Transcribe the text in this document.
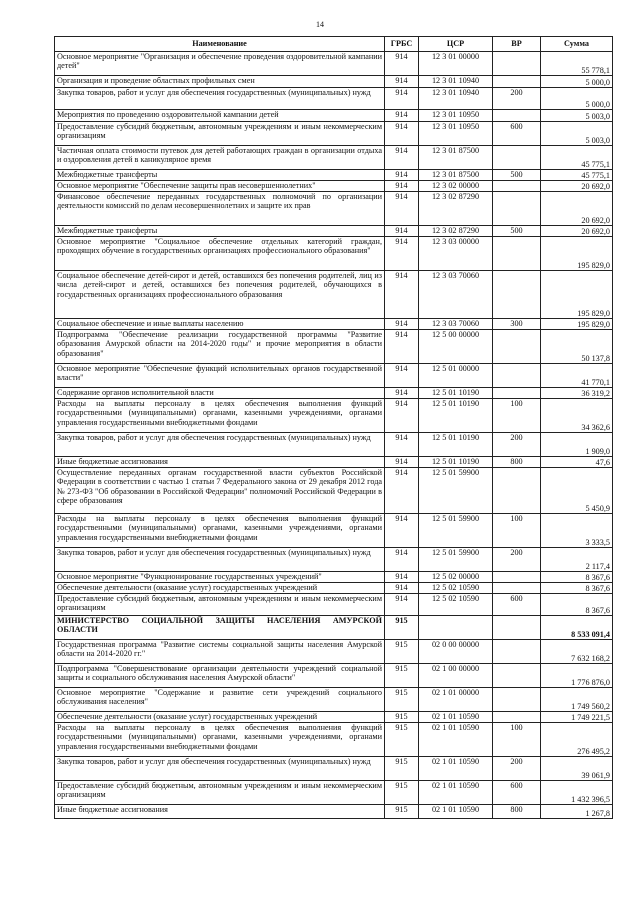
14
Наименование	ГРБС	ЦСР	ВР	Сумма
Основное мероприятие "Организация и обеспечение проведения оздоровительной кампании детей"	914	12 3 01 00000		55 778,1
Организация и проведение областных профильных смен	914	12 3 01 10940		5 000,0
Закупка товаров, работ и услуг для обеспечения государственных (муниципальных) нужд	914	12 3 01 10940	200	5 000,0
Мероприятия по проведению оздоровительной кампании детей	914	12 3 01 10950		5 003,0
Предоставление субсидий бюджетным, автономным учреждениям и иным некоммерческим организациям	914	12 3 01 10950	600	5 003,0
Частичная оплата стоимости путевок для детей работающих граждан в организации отдыха и оздоровления детей в каникулярное время	914	12 3 01 87500		45 775,1
Межбюджетные трансферты	914	12 3 01 87500	500	45 775,1
Основное мероприятие "Обеспечение защиты прав несовершеннолетних"	914	12 3 02 00000		20 692,0
Финансовое обеспечение переданных государственных полномочий по организации деятельности комиссий по делам несовершеннолетних и защите их прав	914	12 3 02 87290		20 692,0
Межбюджетные трансферты	914	12 3 02 87290	500	20 692,0
Основное мероприятие "Социальное обеспечение отдельных категорий граждан, проходящих обучение в государственных организациях профессионального образования"	914	12 3 03 00000		195 829,0
Социальное обеспечение детей-сирот и детей, оставшихся без попечения родителей, лиц из числа детей-сирот и детей, оставшихся без попечения родителей, обучающихся в государственных организациях профессионального образования	914	12 3 03 70060		195 829,0
Социальное обеспечение и иные выплаты населению	914	12 3 03 70060	300	195 829,0
Подпрограмма "Обеспечение реализации государственной программы "Развитие образования Амурской области на 2014-2020 годы" и прочие мероприятия в области образования"	914	12 5 00 00000		50 137,8
Основное мероприятие "Обеспечение функций исполнительных органов государственной власти"	914	12 5 01 00000		41 770,1
Содержание органов исполнительной власти	914	12 5 01 10190		36 319,2
Расходы на выплаты персоналу в целях обеспечения выполнения функций государственными (муниципальными) органами, казенными учреждениями, органами управления государственными внебюджетными фондами	914	12 5 01 10190	100	34 362,6
Закупка товаров, работ и услуг для обеспечения государственных (муниципальных) нужд	914	12 5 01 10190	200	1 909,0
Иные бюджетные ассигнования	914	12 5 01 10190	800	47,6
Осуществление переданных органам государственной власти субъектов Российской Федерации в соответствии с частью 1 статьи 7 Федерального закона от 29 декабря 2012 года № 273-ФЗ "Об образовании в Российской Федерации" полномочий Российской Федерации в сфере образования	914	12 5 01 59900		5 450,9
Расходы на выплаты персоналу в целях обеспечения выполнения функций государственными (муниципальными) органами, казенными учреждениями, органами управления государственными внебюджетными фондами	914	12 5 01 59900	100	3 333,5
Закупка товаров, работ и услуг для обеспечения государственных (муниципальных) нужд	914	12 5 01 59900	200	2 117,4
Основное мероприятие "Функционирование государственных учреждений"	914	12 5 02 00000		8 367,6
Обеспечение деятельности (оказание услуг) государственных учреждений	914	12 5 02 10590		8 367,6
Предоставление субсидий бюджетным, автономным учреждениям и иным некоммерческим организациям	914	12 5 02 10590	600	8 367,6
МИНИСТЕРСТВО СОЦИАЛЬНОЙ ЗАЩИТЫ НАСЕЛЕНИЯ АМУРСКОЙ ОБЛАСТИ	915			8 533 091,4
Государственная программа "Развитие системы социальной защиты населения Амурской области на 2014-2020 гг."	915	02 0 00 00000		7 632 168,2
Подпрограмма "Совершенствование организации деятельности учреждений социальной защиты и социального обслуживания населения Амурской области"	915	02 1 00 00000		1 776 876,0
Основное мероприятие "Содержание и развитие сети учреждений социального обслуживания населения"	915	02 1 01 00000		1 749 560,2
Обеспечение деятельности (оказание услуг) государственных учреждений	915	02 1 01 10590		1 749 221,5
Расходы на выплаты персоналу в целях обеспечения выполнения функций государственными (муниципальными) органами, казенными учреждениями, органами управления государственными внебюджетными фондами	915	02 1 01 10590	100	276 495,2
Закупка товаров, работ и услуг для обеспечения государственных (муниципальных) нужд	915	02 1 01 10590	200	39 061,9
Предоставление субсидий бюджетным, автономным учреждениям и иным некоммерческим организациям	915	02 1 01 10590	600	1 432 396,5
Иные бюджетные ассигнования	915	02 1 01 10590	800	1 267,8
